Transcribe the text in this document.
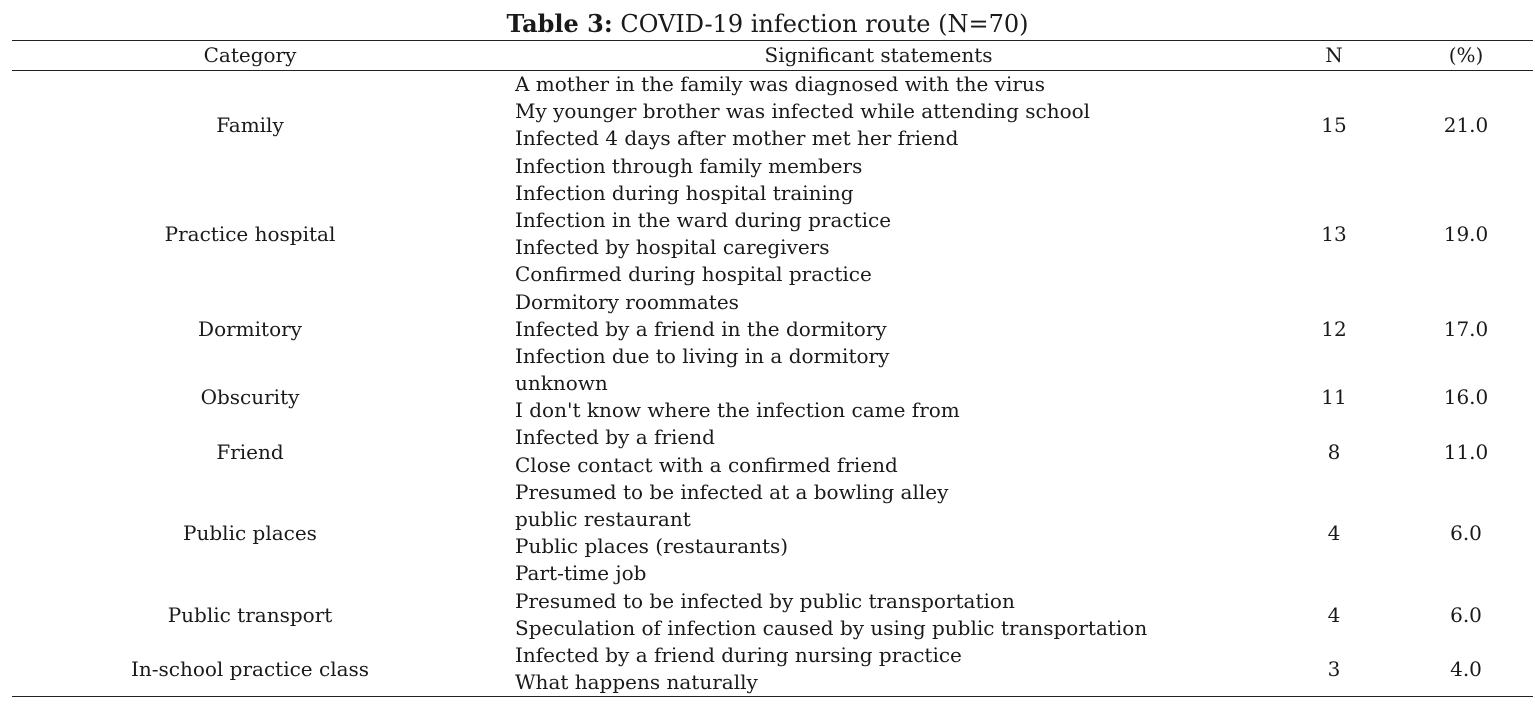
Table 3: COVID-19 infection route (N=70)
Category	Significant statements	N	(%)
Family	A mother in the family was diagnosed with the virus
My younger brother was infected while attending school
Infected 4 days after mother met her friend
Infection through family members	15	21.0
Practice hospital	Infection during hospital training
Infection in the ward during practice
Infected by hospital caregivers
Confirmed during hospital practice	13	19.0
Dormitory	Dormitory roommates
Infected by a friend in the dormitory
Infection due to living in a dormitory	12	17.0
Obscurity	unknown
I don't know where the infection came from	11	16.0
Friend	Infected by a friend
Close contact with a confirmed friend	8	11.0
Public places	Presumed to be infected at a bowling alley
public restaurant
Public places (restaurants)
Part-time job	4	6.0
Public transport	Presumed to be infected by public transportation
Speculation of infection caused by using public transportation	4	6.0
In-school practice class	Infected by a friend during nursing practice
What happens naturally	3	4.0
